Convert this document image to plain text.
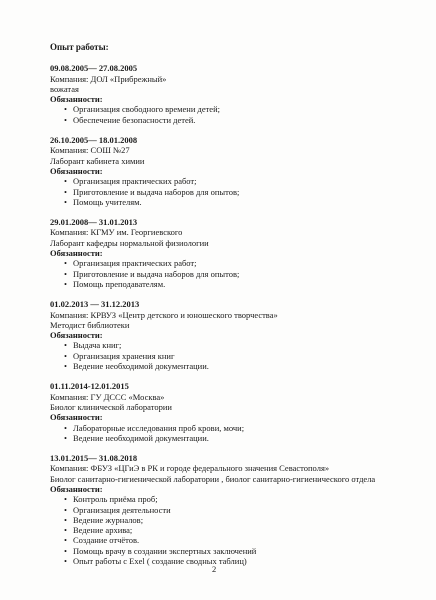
Опыт работы:
09.08.2005— 27.08.2005
Компания: ДОЛ «Прибрежный»
вожатая
Обязанности:
• Организация свободного времени детей;
• Обеспечение безопасности детей.
26.10.2005— 18.01.2008
Компания: СОШ №27
Лаборант кабинета химии
Обязанности:
• Организация практических работ;
• Приготовление и выдача наборов для опытов;
• Помощь учителям.
29.01.2008— 31.01.2013
Компания: КГМУ им. Георгиевского
Лаборант кафедры нормальной физиологии
Обязанности:
• Организация практических работ;
• Приготовление и выдача наборов для опытов;
• Помощь преподавателям.
01.02.2013 — 31.12.2013
Компания: КРВУЗ «Центр детского и юношеского творчества»
Методист библиотеки
Обязанности:
• Выдача книг;
• Организация хранения книг
• Ведение необходимой документации.
01.11.2014-12.01.2015
Компания: ГУ ДССС «Москва»
Биолог клинической лаборатории
Обязанности:
• Лабораторные исследования проб крови, мочи;
• Ведение необходимой документации.
13.01.2015— 31.08.2018
Компания: ФБУЗ «ЦГиЭ в РК и городе федерального значения Севастополя»
Биолог санитарно-гигиенической лаборатории , биолог санитарно-гигиенического отдела
Обязанности:
• Контроль приёма проб;
• Организация деятельности
• Ведение журналов;
• Ведение архива;
• Создание отчётов.
• Помощь врачу в создании экспертных заключений
• Опыт работы с Exel ( создание сводных таблиц)
2
